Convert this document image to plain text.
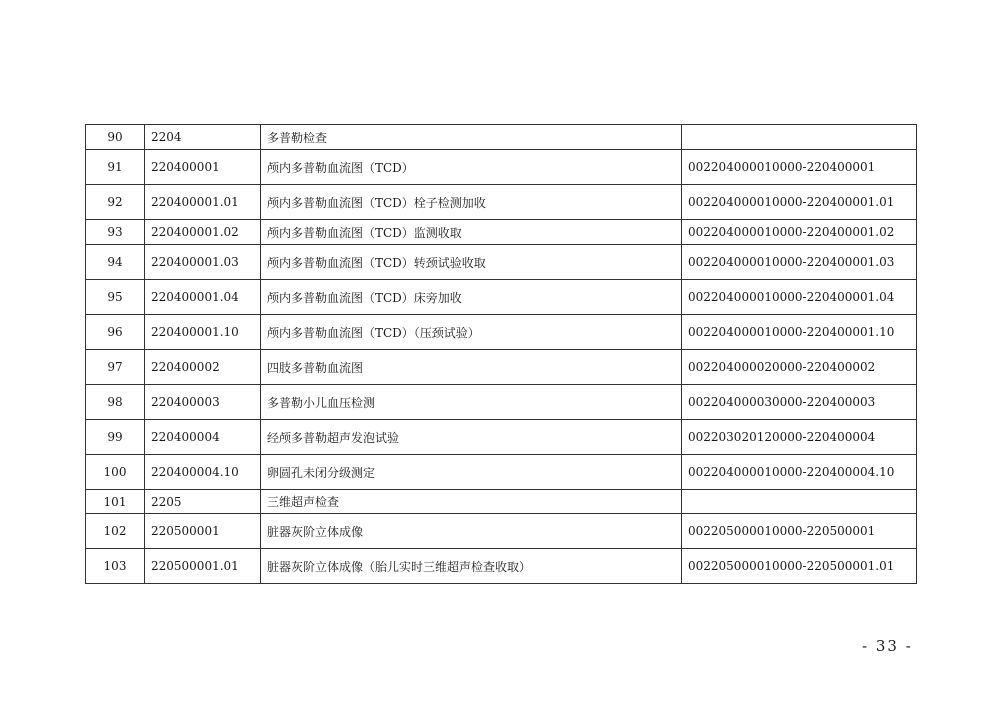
90	2204	多普勒检查	
91	220400001	颅内多普勒血流图（TCD）	002204000010000-220400001
92	220400001.01	颅内多普勒血流图（TCD）栓子检测加收	002204000010000-220400001.01
93	220400001.02	颅内多普勒血流图（TCD）监测收取	002204000010000-220400001.02
94	220400001.03	颅内多普勒血流图（TCD）转颈试验收取	002204000010000-220400001.03
95	220400001.04	颅内多普勒血流图（TCD）床旁加收	002204000010000-220400001.04
96	220400001.10	颅内多普勒血流图（TCD）（压颈试验）	002204000010000-220400001.10
97	220400002	四肢多普勒血流图	002204000020000-220400002
98	220400003	多普勒小儿血压检测	002204000030000-220400003
99	220400004	经颅多普勒超声发泡试验	002203020120000-220400004
100	220400004.10	卵圆孔未闭分级测定	002204000010000-220400004.10
101	2205	三维超声检查	
102	220500001	脏器灰阶立体成像	002205000010000-220500001
103	220500001.01	脏器灰阶立体成像（胎儿实时三维超声检查收取）	002205000010000-220500001.01
- 33 -
